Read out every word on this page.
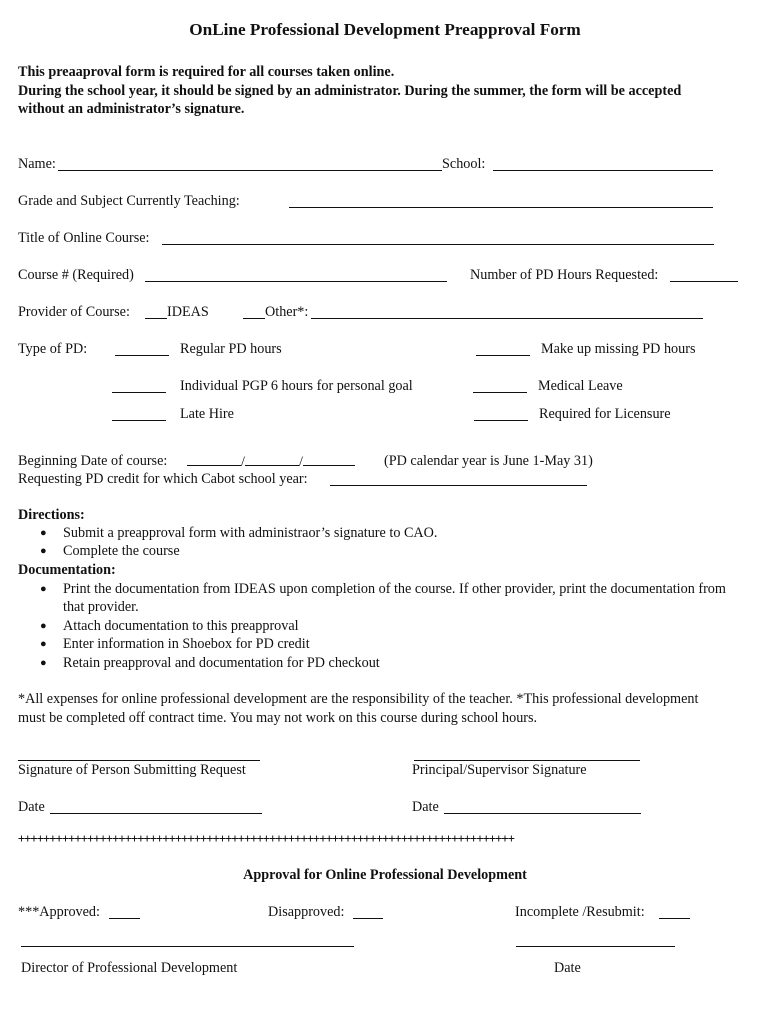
OnLine Professional Development Preapproval Form
This preaaproval form is required for all courses taken online.
During the school year, it should be signed by an administrator. During the summer, the form will be accepted
without an administrator’s signature.
Name:	School:
Grade and Subject Currently Teaching:
Title of Online Course:
Course # (Required)	Number of PD Hours Requested:
Provider of Course:	IDEAS	Other*:
Type of PD:	Regular PD hours	Make up missing PD hours
Individual PGP 6 hours for personal goal	Medical Leave
Late Hire	Required for Licensure
Beginning Date of course:	/	/	(PD calendar year is June 1-May 31)
Requesting PD credit for which Cabot school year:
Directions:
● Submit a preapproval form with administraor’s signature to CAO.
● Complete the course
Documentation:
● Print the documentation from IDEAS upon completion of the course. If other provider, print the documentation from that provider.
● Attach documentation to this preapproval
● Enter information in Shoebox for PD credit
● Retain preapproval and documentation for PD checkout
*All expenses for online professional development are the responsibility of the teacher. *This professional development
must be completed off contract time. You may not work on this course during school hours.
Signature of Person Submitting Request	Principal/Supervisor Signature
Date	Date
+++++++++++++++++++++++++++++++++++++++++++++++++++++++++++++++++++++++++++++++
Approval for Online Professional Development
***Approved:	Disapproved:	Incomplete /Resubmit:
Director of Professional Development	Date
